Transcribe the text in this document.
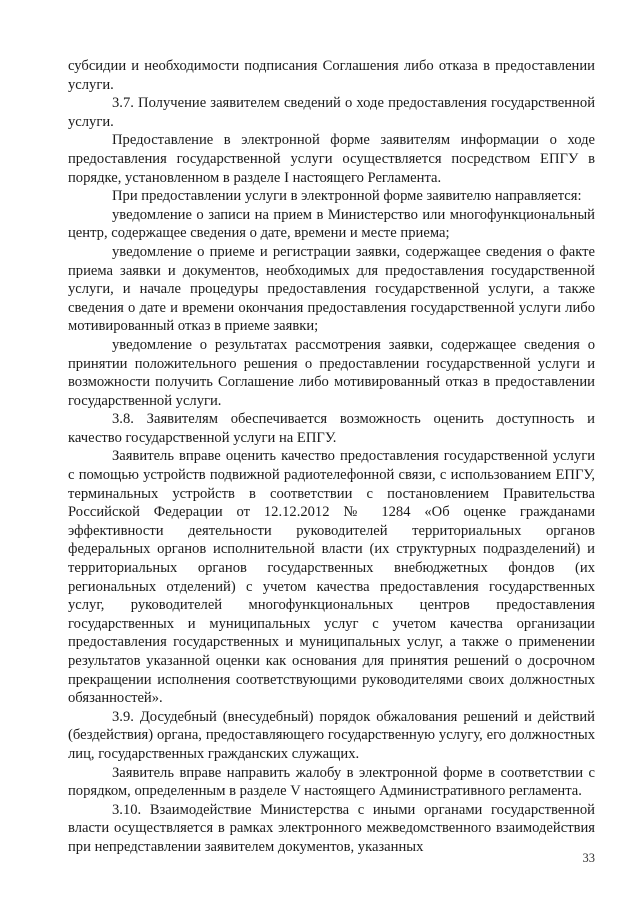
субсидии и необходимости подписания Соглашения либо отказа в предоставлении услуги.

3.7. Получение заявителем сведений о ходе предоставления государственной услуги.

Предоставление в электронной форме заявителям информации о ходе предоставления государственной услуги осуществляется посредством ЕПГУ в порядке, установленном в разделе I настоящего Регламента.

При предоставлении услуги в электронной форме заявителю направляется:

уведомление о записи на прием в Министерство или многофункциональный центр, содержащее сведения о дате, времени и месте приема;

уведомление о приеме и регистрации заявки, содержащее сведения о факте приема заявки и документов, необходимых для предоставления государственной услуги, и начале процедуры предоставления государственной услуги, а также сведения о дате и времени окончания предоставления государственной услуги либо мотивированный отказ в приеме заявки;

уведомление о результатах рассмотрения заявки, содержащее сведения о принятии положительного решения о предоставлении государственной услуги и возможности получить Соглашение либо мотивированный отказ в предоставлении государственной услуги.

3.8. Заявителям обеспечивается возможность оценить доступность и качество государственной услуги на ЕПГУ.

Заявитель вправе оценить качество предоставления государственной услуги с помощью устройств подвижной радиотелефонной связи, с использованием ЕПГУ, терминальных устройств в соответствии с постановлением Правительства Российской Федерации от 12.12.2012 № 1284 «Об оценке гражданами эффективности деятельности руководителей территориальных органов федеральных органов исполнительной власти (их структурных подразделений) и территориальных органов государственных внебюджетных фондов (их региональных отделений) с учетом качества предоставления государственных услуг, руководителей многофункциональных центров предоставления государственных и муниципальных услуг с учетом качества организации предоставления государственных и муниципальных услуг, а также о применении результатов указанной оценки как основания для принятия решений о досрочном прекращении исполнения соответствующими руководителями своих должностных обязанностей».

3.9. Досудебный (внесудебный) порядок обжалования решений и действий (бездействия) органа, предоставляющего государственную услугу, его должностных лиц, государственных гражданских служащих.

Заявитель вправе направить жалобу в электронной форме в соответствии с порядком, определенным в разделе V настоящего Административного регламента.

3.10. Взаимодействие Министерства с иными органами государственной власти осуществляется в рамках электронного межведомственного взаимодействия при непредставлении заявителем документов, указанных

33
